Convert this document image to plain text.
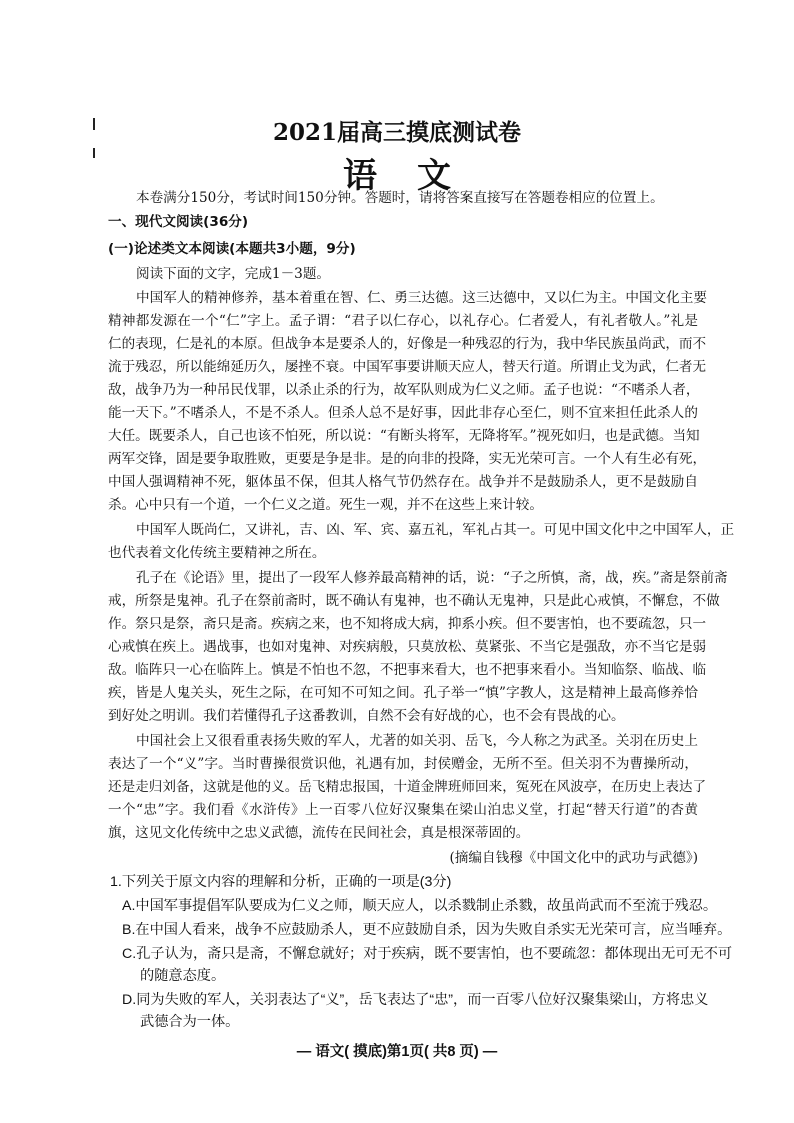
2021届高三摸底测试卷
语文
本卷满分150分，考试时间150分钟。答题时，请将答案直接写在答题卷相应的位置上。
一、现代文阅读(36分)
(一)论述类文本阅读(本题共3小题，9分)
阅读下面的文字，完成1－3题。
中国军人的精神修养，基本着重在智、仁、勇三达德。这三达德中，又以仁为主。中国文化主要
精神都发源在一个“仁”字上。孟子谓：“君子以仁存心，以礼存心。仁者爱人，有礼者敬人。”礼是
仁的表现，仁是礼的本原。但战争本是要杀人的，好像是一种残忍的行为，我中华民族虽尚武，而不
流于残忍，所以能绵延历久，屡挫不衰。中国军事要讲顺天应人，替天行道。所谓止戈为武，仁者无
敌，战争乃为一种吊民伐罪，以杀止杀的行为，故军队则成为仁义之师。孟子也说：“不嗜杀人者，
能一天下。”不嗜杀人，不是不杀人。但杀人总不是好事，因此非存心至仁，则不宜来担任此杀人的
大任。既要杀人，自己也该不怕死，所以说：“有断头将军，无降将军。”视死如归，也是武德。当知
两军交锋，固是要争取胜败，更要是争是非。是的向非的投降，实无光荣可言。一个人有生必有死，
中国人强调精神不死，躯体虽不保，但其人格气节仍然存在。战争并不是鼓励杀人，更不是鼓励自
杀。心中只有一个道，一个仁义之道。死生一观，并不在这些上来计较。
中国军人既尚仁，又讲礼，吉、凶、军、宾、嘉五礼，军礼占其一。可见中国文化中之中国军人，正
也代表着文化传统主要精神之所在。
孔子在《论语》里，提出了一段军人修养最高精神的话，说：“子之所慎，斋，战，疾。”斋是祭前斋
戒，所祭是鬼神。孔子在祭前斋时，既不确认有鬼神，也不确认无鬼神，只是此心戒慎，不懈怠，不做
作。祭只是祭，斋只是斋。疾病之来，也不知将成大病，抑系小疾。但不要害怕，也不要疏忽，只一
心戒慎在疾上。遇战事，也如对鬼神、对疾病般，只莫放松、莫紧张、不当它是强敌，亦不当它是弱
敌。临阵只一心在临阵上。慎是不怕也不忽，不把事来看大，也不把事来看小。当知临祭、临战、临
疾，皆是人鬼关头，死生之际，在可知不可知之间。孔子举一“慎”字教人，这是精神上最高修养恰
到好处之明训。我们若懂得孔子这番教训，自然不会有好战的心，也不会有畏战的心。
中国社会上又很看重表扬失败的军人，尤著的如关羽、岳飞，今人称之为武圣。关羽在历史上
表达了一个“义”字。当时曹操很赏识他，礼遇有加，封侯赠金，无所不至。但关羽不为曹操所动，
还是走归刘备，这就是他的义。岳飞精忠报国，十道金牌班师回来，冤死在风波亭，在历史上表达了
一个“忠”字。我们看《水浒传》上一百零八位好汉聚集在梁山泊忠义堂，打起“替天行道”的杏黄
旗，这见文化传统中之忠义武德，流传在民间社会，真是根深蒂固的。
(摘编自钱穆《中国文化中的武功与武德》)
1.下列关于原文内容的理解和分析，正确的一项是(3分)
A.中国军事提倡军队要成为仁义之师，顺天应人，以杀戮制止杀戮，故虽尚武而不至流于残忍。
B.在中国人看来，战争不应鼓励杀人，更不应鼓励自杀，因为失败自杀实无光荣可言，应当唾弃。
C.孔子认为，斋只是斋，不懈怠就好；对于疾病，既不要害怕，也不要疏忽：都体现出无可无不可
的随意态度。
D.同为失败的军人，关羽表达了“义”，岳飞表达了“忠”，而一百零八位好汉聚集梁山，方将忠义
武德合为一体。
— 语文( 摸底)第1页( 共8 页) —
